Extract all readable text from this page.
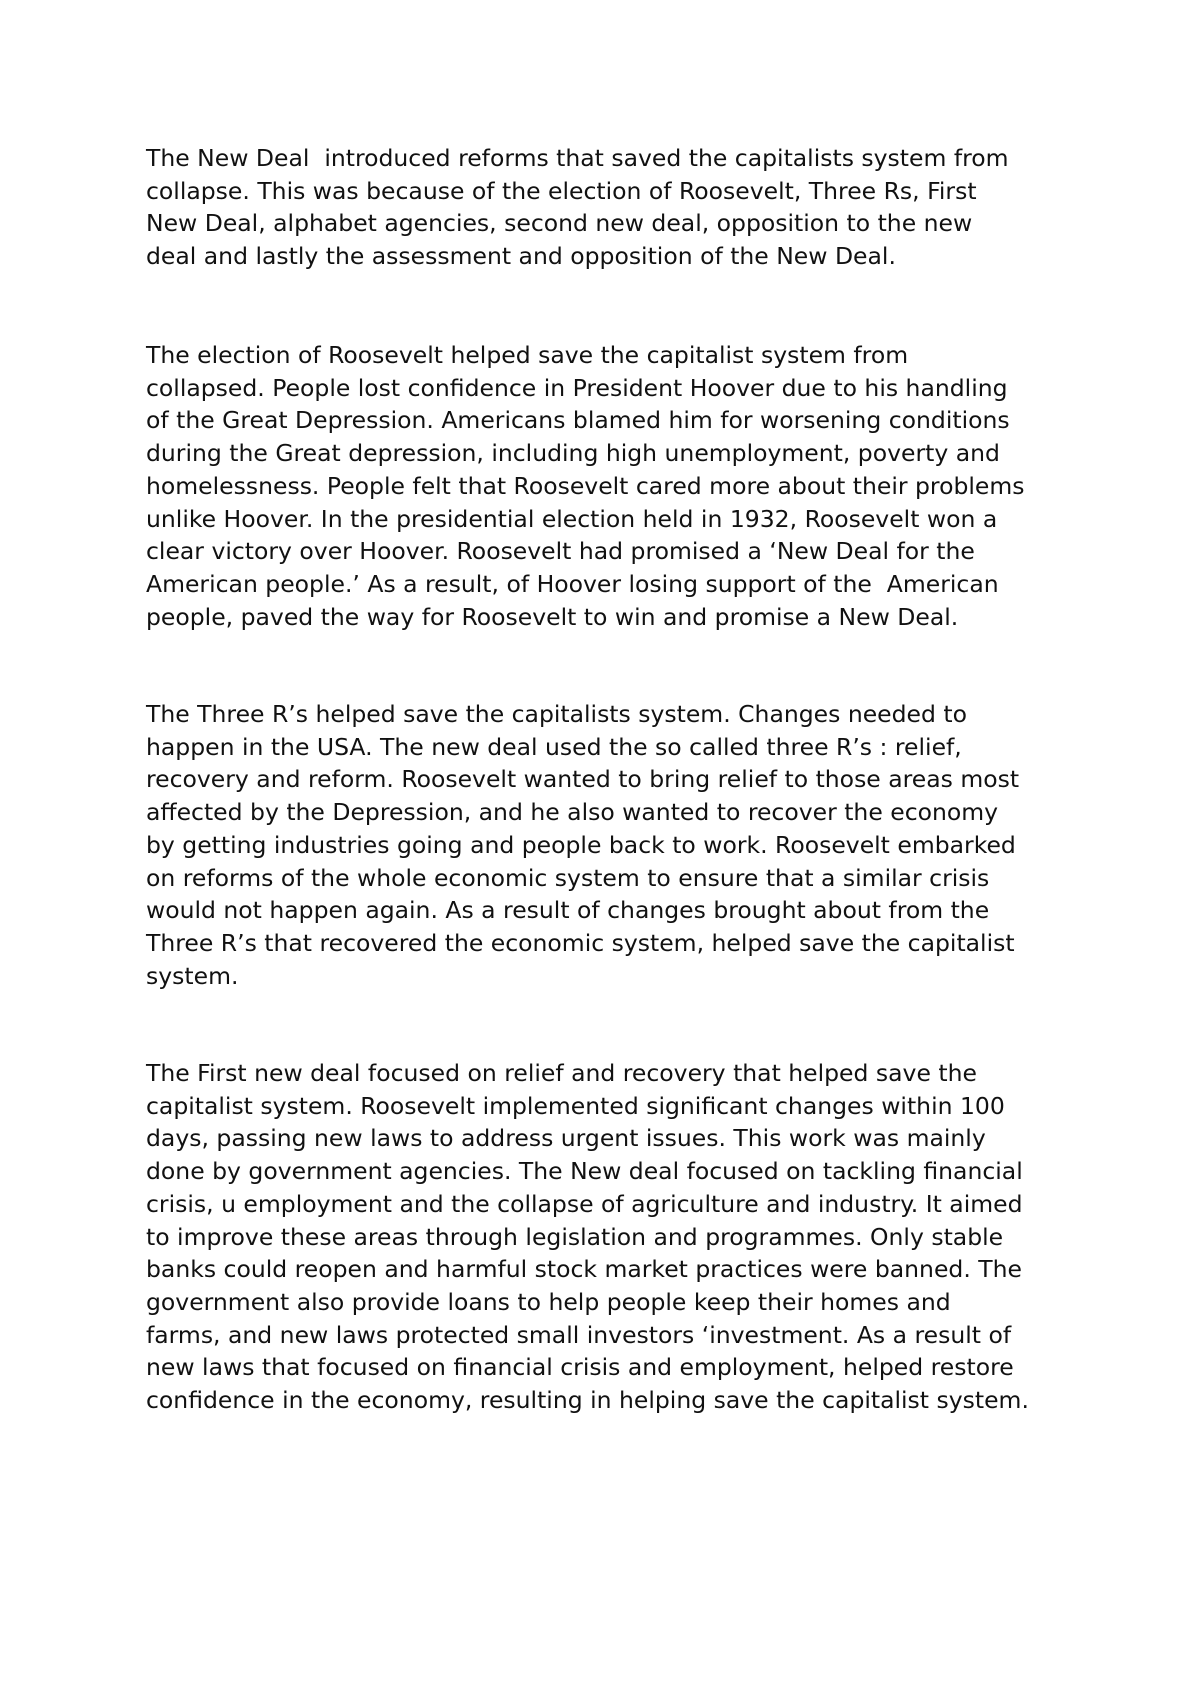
The New Deal  introduced reforms that saved the capitalists system from
collapse. This was because of the election of Roosevelt, Three Rs, First
New Deal, alphabet agencies, second new deal, opposition to the new
deal and lastly the assessment and opposition of the New Deal.
The election of Roosevelt helped save the capitalist system from
collapsed. People lost confidence in President Hoover due to his handling
of the Great Depression. Americans blamed him for worsening conditions
during the Great depression, including high unemployment, poverty and
homelessness. People felt that Roosevelt cared more about their problems
unlike Hoover. In the presidential election held in 1932, Roosevelt won a
clear victory over Hoover. Roosevelt had promised a ‘New Deal for the
American people.’ As a result, of Hoover losing support of the  American
people, paved the way for Roosevelt to win and promise a New Deal.
The Three R’s helped save the capitalists system. Changes needed to
happen in the USA. The new deal used the so called three R’s : relief,
recovery and reform. Roosevelt wanted to bring relief to those areas most
affected by the Depression, and he also wanted to recover the economy
by getting industries going and people back to work. Roosevelt embarked
on reforms of the whole economic system to ensure that a similar crisis
would not happen again. As a result of changes brought about from the
Three R’s that recovered the economic system, helped save the capitalist
system.
The First new deal focused on relief and recovery that helped save the
capitalist system. Roosevelt implemented significant changes within 100
days, passing new laws to address urgent issues. This work was mainly
done by government agencies. The New deal focused on tackling financial
crisis, u employment and the collapse of agriculture and industry. It aimed
to improve these areas through legislation and programmes. Only stable
banks could reopen and harmful stock market practices were banned. The
government also provide loans to help people keep their homes and
farms, and new laws protected small investors ‘investment. As a result of
new laws that focused on financial crisis and employment, helped restore
confidence in the economy, resulting in helping save the capitalist system.
